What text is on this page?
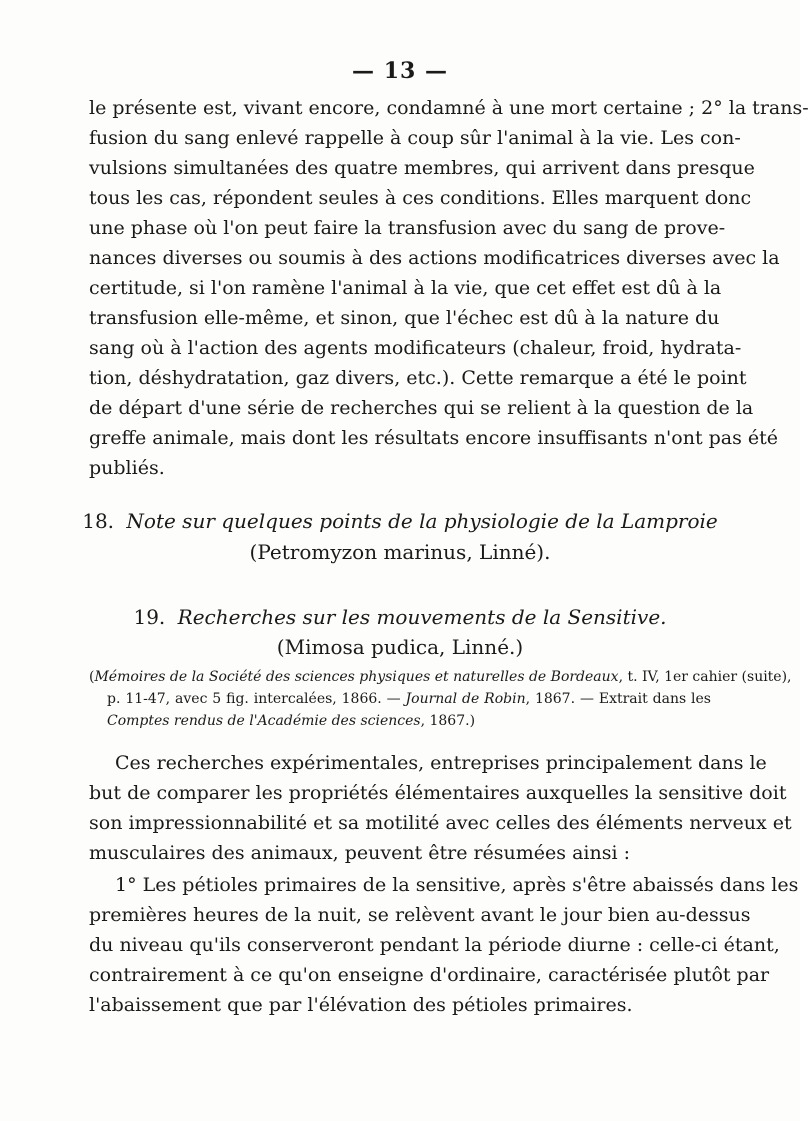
— 13 —
le présente est, vivant encore, condamné à une mort certaine ; 2° la trans-
fusion du sang enlevé rappelle à coup sûr l'animal à la vie. Les con-
vulsions simultanées des quatre membres, qui arrivent dans presque
tous les cas, répondent seules à ces conditions. Elles marquent donc
une phase où l'on peut faire la transfusion avec du sang de prove-
nances diverses ou soumis à des actions modificatrices diverses avec la
certitude, si l'on ramène l'animal à la vie, que cet effet est dû à la
transfusion elle-même, et sinon, que l'échec est dû à la nature du
sang où à l'action des agents modificateurs (chaleur, froid, hydrata-
tion, déshydratation, gaz divers, etc.). Cette remarque a été le point
de départ d'une série de recherches qui se relient à la question de la
greffe animale, mais dont les résultats encore insuffisants n'ont pas été
publiés.
18. Note sur quelques points de la physiologie de la Lamproie
(Petromyzon marinus, Linné).
19. Recherches sur les mouvements de la Sensitive.
(Mimosa pudica, Linné.)
(Mémoires de la Société des sciences physiques et naturelles de Bordeaux, t. IV, 1er cahier (suite),
p. 11-47, avec 5 fig. intercalées, 1866. — Journal de Robin, 1867. — Extrait dans les
Comptes rendus de l'Académie des sciences, 1867.)
Ces recherches expérimentales, entreprises principalement dans le
but de comparer les propriétés élémentaires auxquelles la sensitive doit
son impressionnabilité et sa motilité avec celles des éléments nerveux et
musculaires des animaux, peuvent être résumées ainsi :
1° Les pétioles primaires de la sensitive, après s'être abaissés dans les
premières heures de la nuit, se relèvent avant le jour bien au-dessus
du niveau qu'ils conserveront pendant la période diurne : celle-ci étant,
contrairement à ce qu'on enseigne d'ordinaire, caractérisée plutôt par
l'abaissement que par l'élévation des pétioles primaires.
